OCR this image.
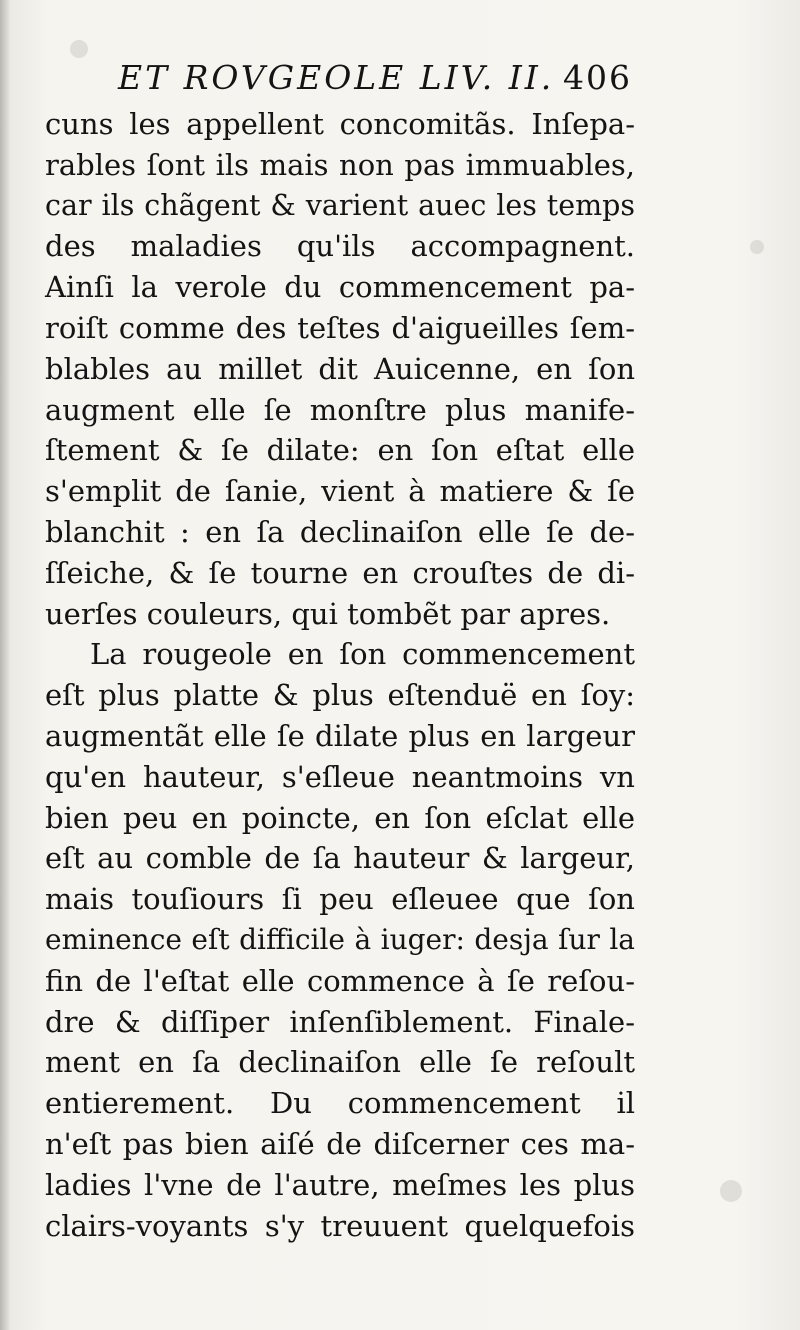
ET ROVGEOLE LIV. II. 406
cuns les appellent concomitãs. Inſepa-
rables ſont ils mais non pas immuables,
car ils chãgent & varient auec les temps
des maladies qu'ils accompagnent.
Ainſi la verole du commencement pa-
roiſt comme des teſtes d'aigueilles ſem-
blables au millet dit Auicenne, en ſon
augment elle ſe monſtre plus manife-
ſtement & ſe dilate: en ſon eſtat elle
s'emplit de ſanie, vient à matiere & ſe
blanchit : en ſa declinaiſon elle ſe de-
ſſeiche, & ſe tourne en crouſtes de di-
uerſes couleurs, qui tombẽt par apres.
La rougeole en ſon commencement
eſt plus platte & plus eſtenduë en ſoy:
augmentãt elle ſe dilate plus en largeur
qu'en hauteur, s'eſleue neantmoins vn
bien peu en poincte, en ſon eſclat elle
eſt au comble de ſa hauteur & largeur,
mais touſiours ſi peu eſleuee que ſon
eminence eſt difficile à iuger: desja ſur la
fin de l'eſtat elle commence à ſe reſou-
dre & diſſiper inſenſiblement. Finale-
ment en ſa declinaiſon elle ſe reſoult
entierement. Du commencement il
n'eſt pas bien aiſé de diſcerner ces ma-
ladies l'vne de l'autre, meſmes les plus
clairs-voyants s'y treuuent quelquefois
